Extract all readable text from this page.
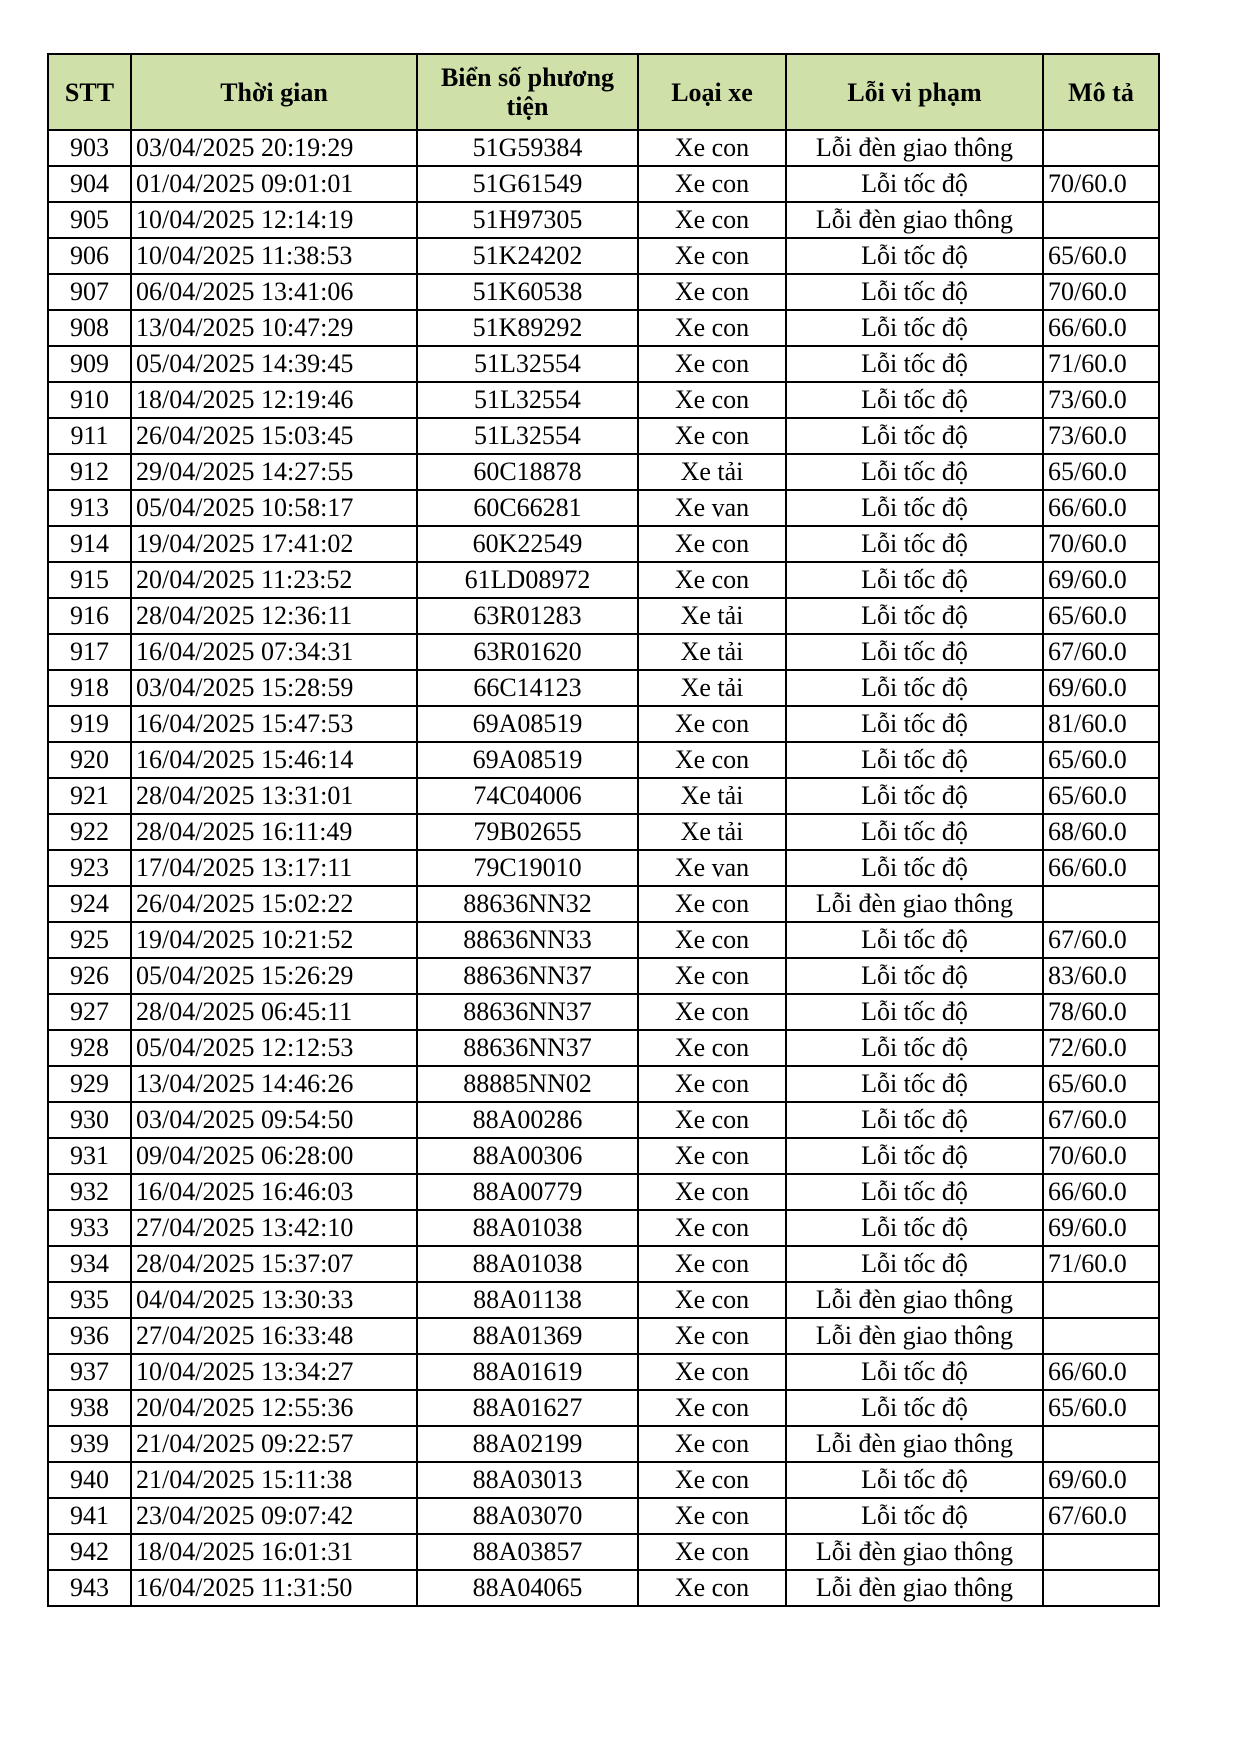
STT	Thời gian	Biển số phương tiện	Loại xe	Lỗi vi phạm	Mô tả
903	03/04/2025 20:19:29	51G59384	Xe con	Lỗi đèn giao thông	
904	01/04/2025 09:01:01	51G61549	Xe con	Lỗi tốc độ	70/60.0
905	10/04/2025 12:14:19	51H97305	Xe con	Lỗi đèn giao thông	
906	10/04/2025 11:38:53	51K24202	Xe con	Lỗi tốc độ	65/60.0
907	06/04/2025 13:41:06	51K60538	Xe con	Lỗi tốc độ	70/60.0
908	13/04/2025 10:47:29	51K89292	Xe con	Lỗi tốc độ	66/60.0
909	05/04/2025 14:39:45	51L32554	Xe con	Lỗi tốc độ	71/60.0
910	18/04/2025 12:19:46	51L32554	Xe con	Lỗi tốc độ	73/60.0
911	26/04/2025 15:03:45	51L32554	Xe con	Lỗi tốc độ	73/60.0
912	29/04/2025 14:27:55	60C18878	Xe tải	Lỗi tốc độ	65/60.0
913	05/04/2025 10:58:17	60C66281	Xe van	Lỗi tốc độ	66/60.0
914	19/04/2025 17:41:02	60K22549	Xe con	Lỗi tốc độ	70/60.0
915	20/04/2025 11:23:52	61LD08972	Xe con	Lỗi tốc độ	69/60.0
916	28/04/2025 12:36:11	63R01283	Xe tải	Lỗi tốc độ	65/60.0
917	16/04/2025 07:34:31	63R01620	Xe tải	Lỗi tốc độ	67/60.0
918	03/04/2025 15:28:59	66C14123	Xe tải	Lỗi tốc độ	69/60.0
919	16/04/2025 15:47:53	69A08519	Xe con	Lỗi tốc độ	81/60.0
920	16/04/2025 15:46:14	69A08519	Xe con	Lỗi tốc độ	65/60.0
921	28/04/2025 13:31:01	74C04006	Xe tải	Lỗi tốc độ	65/60.0
922	28/04/2025 16:11:49	79B02655	Xe tải	Lỗi tốc độ	68/60.0
923	17/04/2025 13:17:11	79C19010	Xe van	Lỗi tốc độ	66/60.0
924	26/04/2025 15:02:22	88636NN32	Xe con	Lỗi đèn giao thông	
925	19/04/2025 10:21:52	88636NN33	Xe con	Lỗi tốc độ	67/60.0
926	05/04/2025 15:26:29	88636NN37	Xe con	Lỗi tốc độ	83/60.0
927	28/04/2025 06:45:11	88636NN37	Xe con	Lỗi tốc độ	78/60.0
928	05/04/2025 12:12:53	88636NN37	Xe con	Lỗi tốc độ	72/60.0
929	13/04/2025 14:46:26	88885NN02	Xe con	Lỗi tốc độ	65/60.0
930	03/04/2025 09:54:50	88A00286	Xe con	Lỗi tốc độ	67/60.0
931	09/04/2025 06:28:00	88A00306	Xe con	Lỗi tốc độ	70/60.0
932	16/04/2025 16:46:03	88A00779	Xe con	Lỗi tốc độ	66/60.0
933	27/04/2025 13:42:10	88A01038	Xe con	Lỗi tốc độ	69/60.0
934	28/04/2025 15:37:07	88A01038	Xe con	Lỗi tốc độ	71/60.0
935	04/04/2025 13:30:33	88A01138	Xe con	Lỗi đèn giao thông	
936	27/04/2025 16:33:48	88A01369	Xe con	Lỗi đèn giao thông	
937	10/04/2025 13:34:27	88A01619	Xe con	Lỗi tốc độ	66/60.0
938	20/04/2025 12:55:36	88A01627	Xe con	Lỗi tốc độ	65/60.0
939	21/04/2025 09:22:57	88A02199	Xe con	Lỗi đèn giao thông	
940	21/04/2025 15:11:38	88A03013	Xe con	Lỗi tốc độ	69/60.0
941	23/04/2025 09:07:42	88A03070	Xe con	Lỗi tốc độ	67/60.0
942	18/04/2025 16:01:31	88A03857	Xe con	Lỗi đèn giao thông	
943	16/04/2025 11:31:50	88A04065	Xe con	Lỗi đèn giao thông	
